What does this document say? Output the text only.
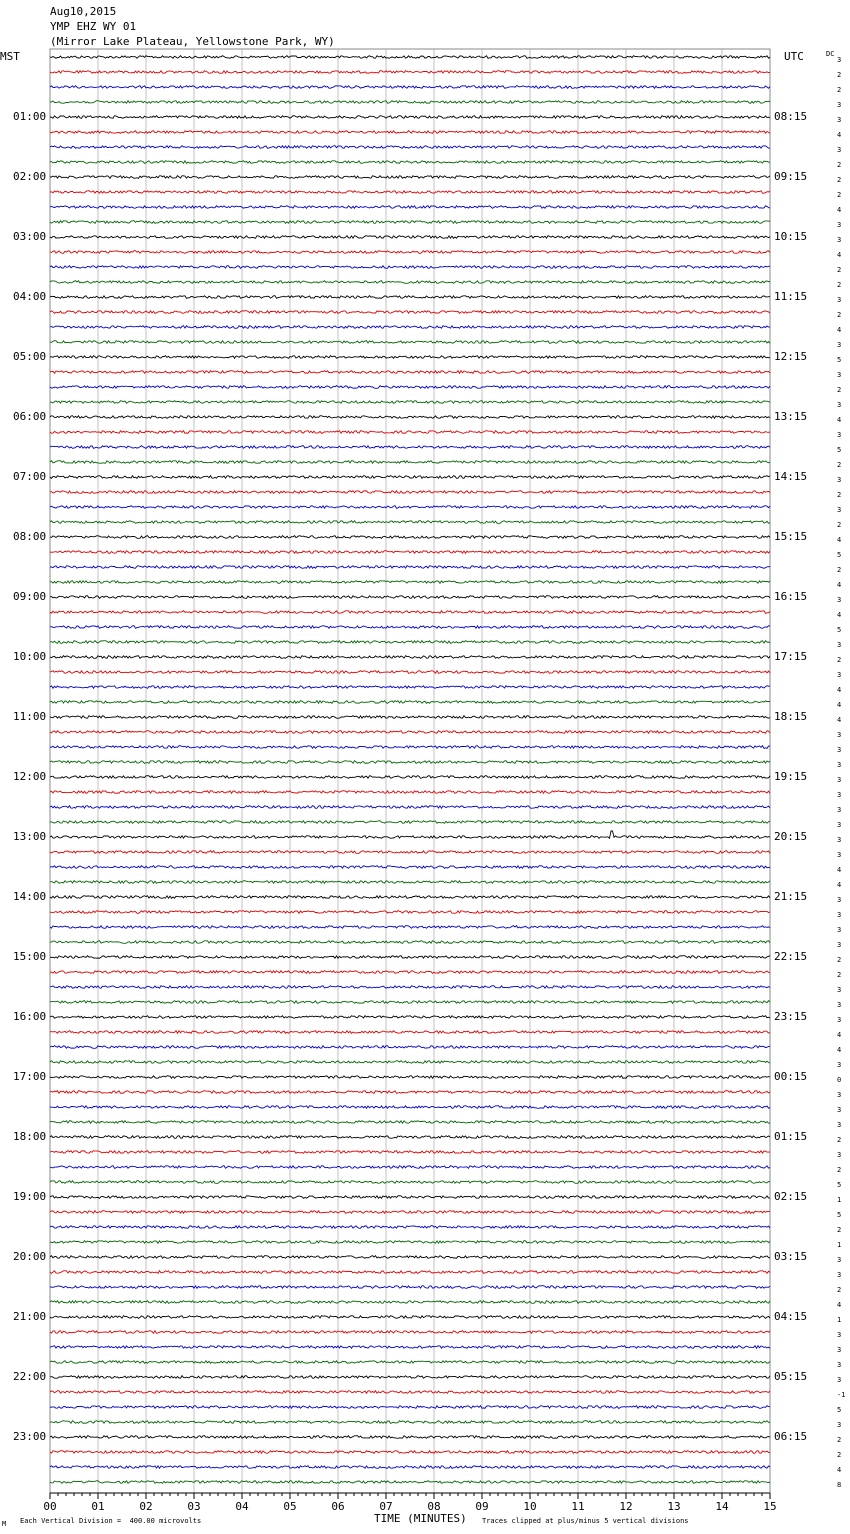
Aug10,2015
YMP EHZ WY 01
(Mirror Lake Plateau, Yellowstone Park, WY)
MST	UTC	DC
3
2
2
3
3
4
3
2
2
2
4
3
3
4
2
2
3
2
4
3
5
3
2
3
4
3
5
2
3
2
3
2
4
5
2
4
3
4
5
3
2
3
4
4
4
3
3
3
3
3
3
3
3
3
4
4
3
3
3
3
2
2
3
3
3
4
4
3
0
3
3
3
2
3
2
5
1
5
2
1
3
3
2
4
1
3
3
3
3
-1
5
3
2
2
4
8
01:00	08:15
02:00	09:15
03:00	10:15
04:00	11:15
05:00	12:15
06:00	13:15
07:00	14:15
08:00	15:15
09:00	16:15
10:00	17:15
11:00	18:15
12:00	19:15
13:00	20:15
14:00	21:15
15:00	22:15
16:00	23:15
17:00	00:15
18:00	01:15
19:00	02:15
20:00	03:15
21:00	04:15
22:00	05:15
23:00	06:15
00	01	02	03	04	05	06	07	08	09	10	11	12	13	14	15
M Each Vertical Division =  400.00 microvolts	TIME (MINUTES) Traces clipped at plus/minus 5 vertical divisions
